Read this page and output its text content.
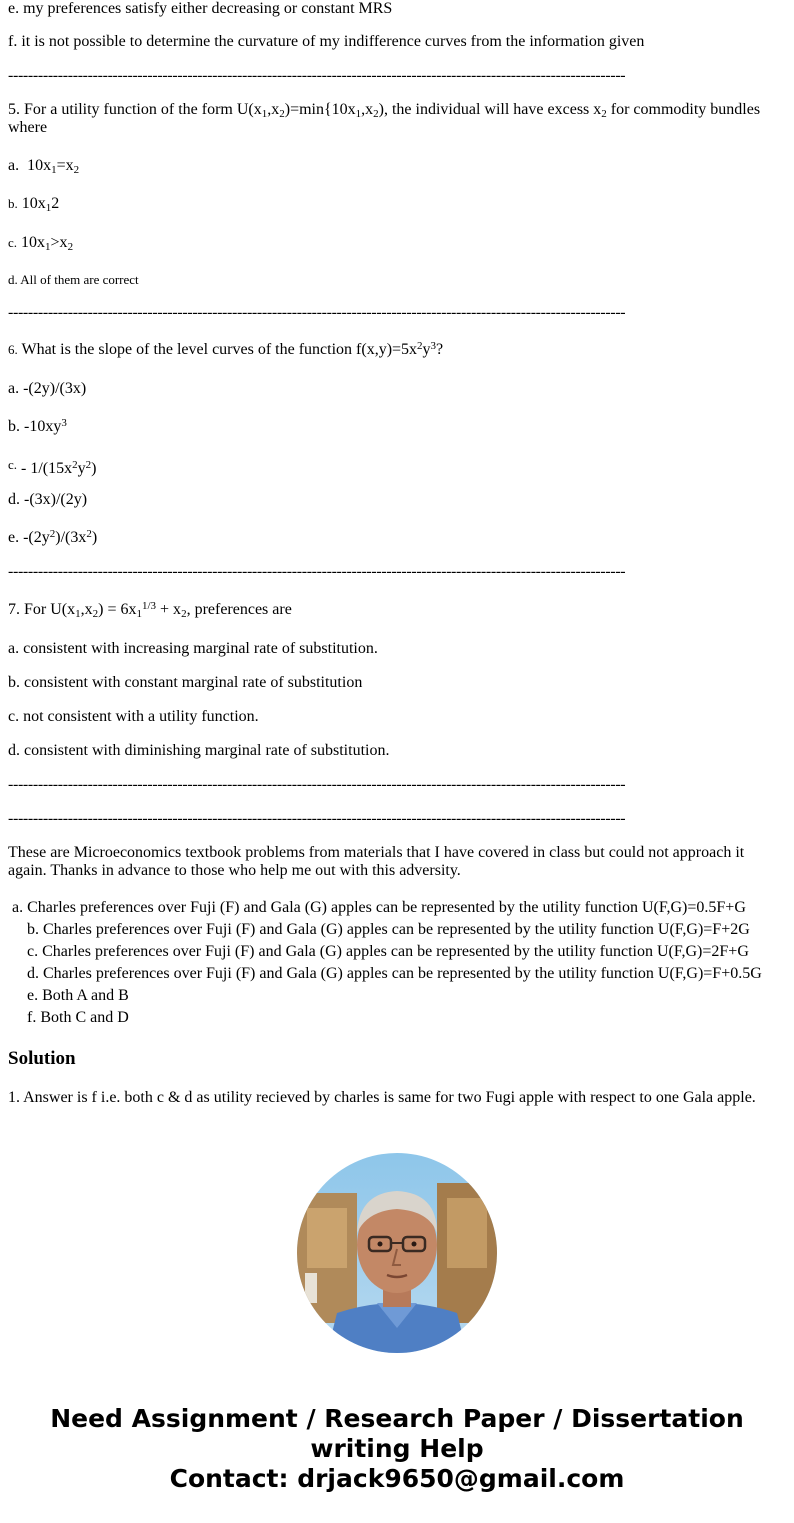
e. my preferences satisfy either decreasing or constant MRS
f. it is not possible to determine the curvature of my indifference curves from the information given
----------------------------------------------------------------------------------------------------------------------------
5. For a utility function of the form $U(x_1,x_2)=\min\{10x_1,x_2)$, the individual will have excess $x_2$ for commodity bundles where
a. $10x_1=x_2$
b. $10x_12$
c. $10x_1>x_2$
d. All of them are correct
----------------------------------------------------------------------------------------------------------------------------
6. What is the slope of the level curves of the function $f(x,y)=5x^2y^3$?
a. -(2y)/(3x)
b. $-10xy^3$
$^{c.} - 1/(15x^2y^2)$
d. -(3x)/(2y)
e. $-(2y^2)/(3x^2)$
----------------------------------------------------------------------------------------------------------------------------
7. For $U(x_1,x_2) = 6x_1^{1/3} + x_2$, preferences are
a. consistent with increasing marginal rate of substitution.
b. consistent with constant marginal rate of substitution
c. not consistent with a utility function.
d. consistent with diminishing marginal rate of substitution.
----------------------------------------------------------------------------------------------------------------------------
----------------------------------------------------------------------------------------------------------------------------
These are Microeconomics textbook problems from materials that I have covered in class but could not approach it again. Thanks in advance to those who help me out with this adversity.
a. Charles preferences over Fuji (F) and Gala (G) apples can be represented by the utility function U(F,G)=0.5F+G
b. Charles preferences over Fuji (F) and Gala (G) apples can be represented by the utility function U(F,G)=F+2G
c. Charles preferences over Fuji (F) and Gala (G) apples can be represented by the utility function U(F,G)=2F+G
d. Charles preferences over Fuji (F) and Gala (G) apples can be represented by the utility function U(F,G)=F+0.5G
e. Both A and B
f. Both C and D
Solution
1. Answer is f i.e. both c & d as utility recieved by charles is same for two Fugi apple with respect to one Gala apple.
Need Assignment / Research Paper / Dissertation
writing Help
Contact: drjack9650@gmail.com
